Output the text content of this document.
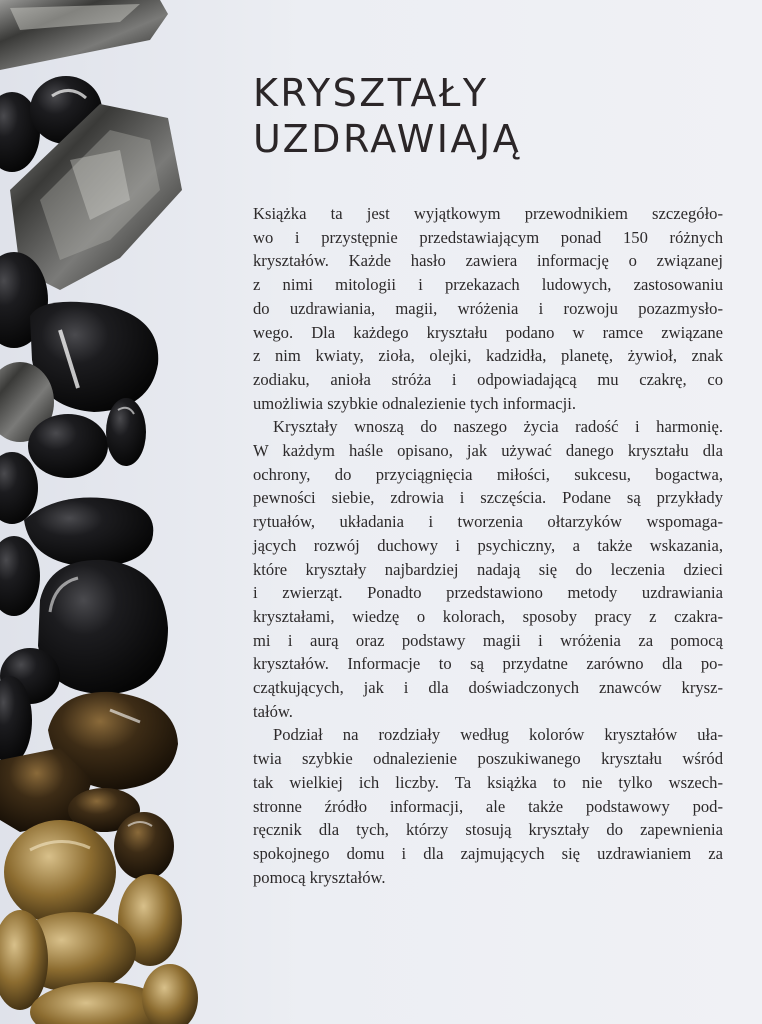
KRYSZTAŁY
UZDRAWIAJĄ

Książka ta jest wyjątkowym przewodnikiem szczegóło-
wo i przystępnie przedstawiającym ponad 150 różnych
kryształów. Każde hasło zawiera informację o związanej
z nimi mitologii i przekazach ludowych, zastosowaniu
do uzdrawiania, magii, wróżenia i rozwoju pozazmysło-
wego. Dla każdego kryształu podano w ramce związane
z nim kwiaty, zioła, olejki, kadzidła, planetę, żywioł, znak
zodiaku, anioła stróża i odpowiadającą mu czakrę, co
umożliwia szybkie odnalezienie tych informacji.

Kryształy wnoszą do naszego życia radość i harmonię.
W każdym haśle opisano, jak używać danego kryształu dla
ochrony, do przyciągnięcia miłości, sukcesu, bogactwa,
pewności siebie, zdrowia i szczęścia. Podane są przykłady
rytuałów, układania i tworzenia ołtarzyków wspomaga-
jących rozwój duchowy i psychiczny, a także wskazania,
które kryształy najbardziej nadają się do leczenia dzieci
i zwierząt. Ponadto przedstawiono metody uzdrawiania
kryształami, wiedzę o kolorach, sposoby pracy z czakra-
mi i aurą oraz podstawy magii i wróżenia za pomocą
kryształów. Informacje to są przydatne zarówno dla po-
czątkujących, jak i dla doświadczonych znawców krysz-
tałów.

Podział na rozdziały według kolorów kryształów uła-
twia szybkie odnalezienie poszukiwanego kryształu wśród
tak wielkiej ich liczby. Ta książka to nie tylko wszech-
stronne źródło informacji, ale także podstawowy pod-
ręcznik dla tych, którzy stosują kryształy do zapewnienia
spokojnego domu i dla zajmujących się uzdrawianiem za
pomocą kryształów.
